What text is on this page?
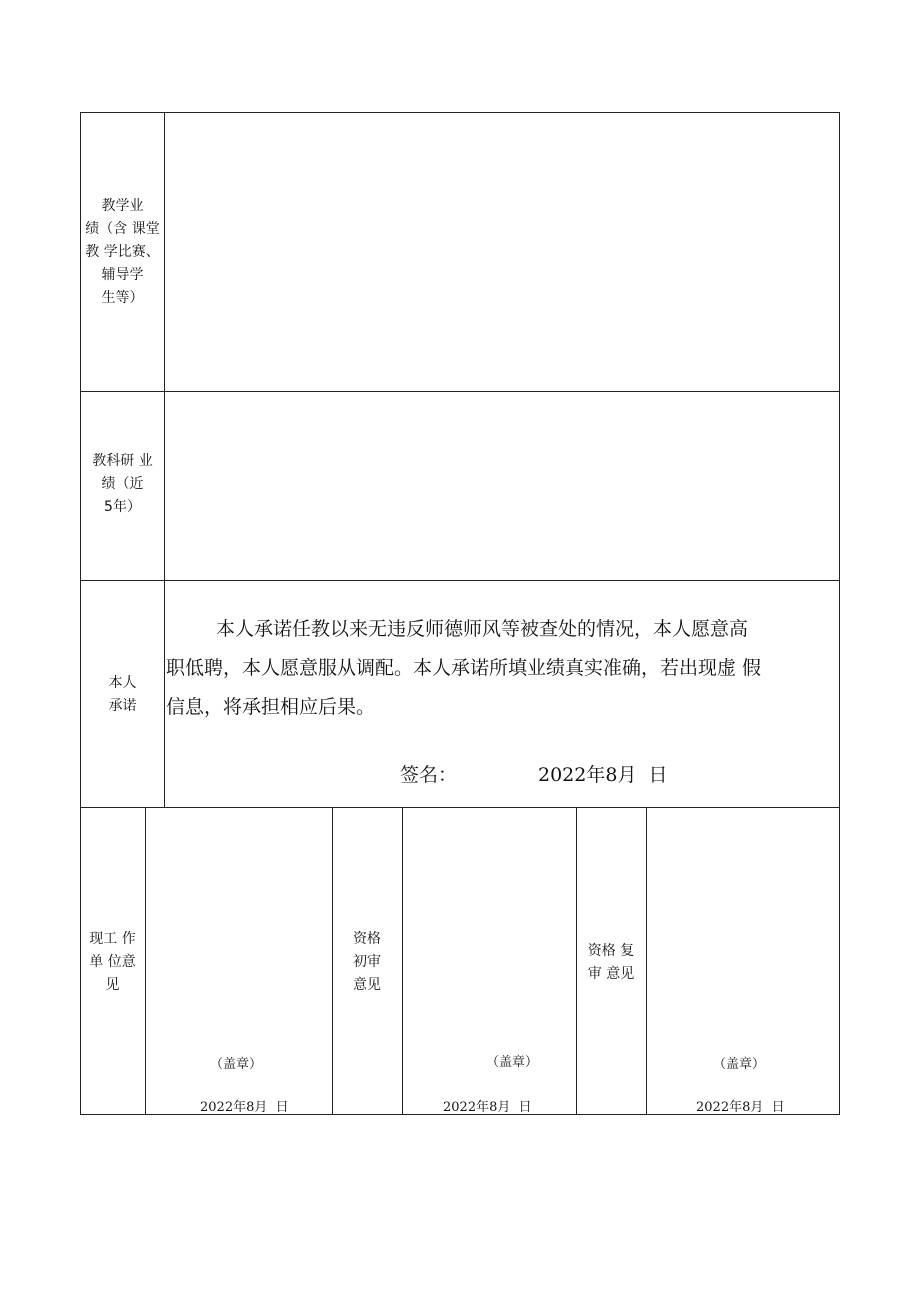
教学业
绩（含 课堂
教 学比赛、
辅导学
生等）
教科研 业
绩（近
5年）
本人
承诺

本人承诺任教以来无违反师德师风等被查处的情况，本人愿意高

职低聘，本人愿意服从调配。本人承诺所填业绩真实准确，若出现虚 假

信息，将承担相应后果。

签名：	2022年8月  日
现工 作
单 位意
见
（盖章）
2022年8月  日
资格
初审
意见
（盖章）
2022年8月  日
资格 复
审 意见
（盖章）
2022年8月  日
